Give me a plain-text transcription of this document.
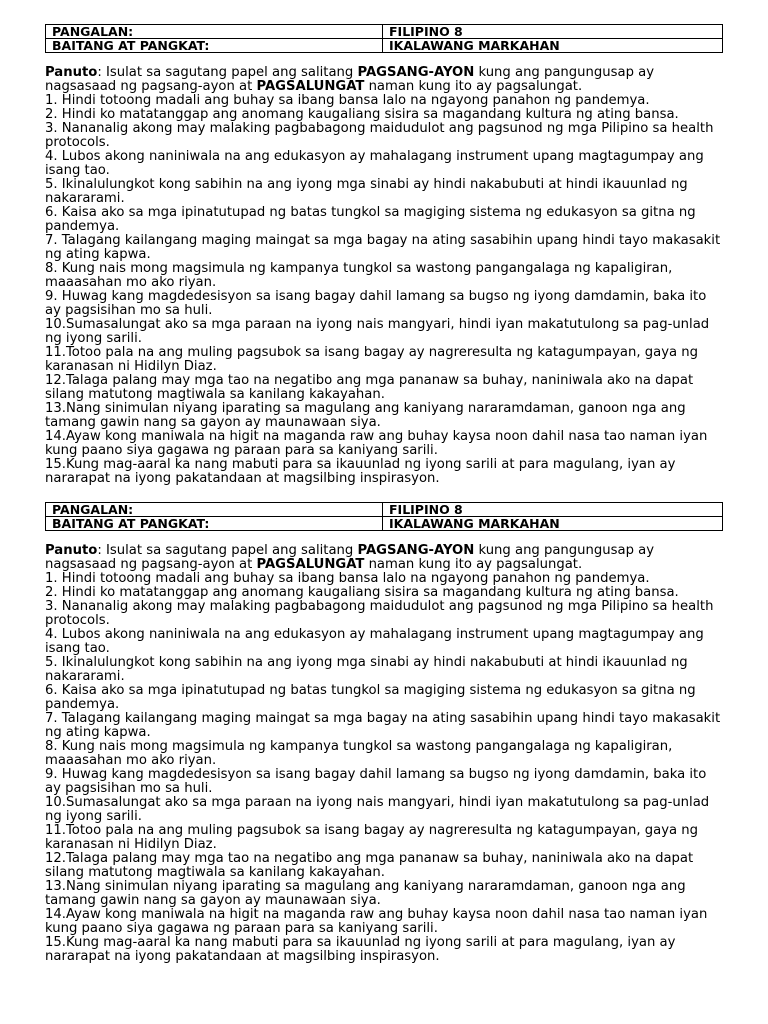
PANGALAN:	FILIPINO 8
BAITANG AT PANGKAT:	IKALAWANG MARKAHAN

Panuto: Isulat sa sagutang papel ang salitang PAGSANG-AYON kung ang pangungusap ay nagsasaad ng pagsang-ayon at PAGSALUNGAT naman kung ito ay pagsalungat.

1. Hindi totoong madali ang buhay sa ibang bansa lalo na ngayong panahon ng pandemya.

2. Hindi ko matatanggap ang anomang kaugaliang sisira sa magandang kultura ng ating bansa.

3. Nananalig akong may malaking pagbabagong maidudulot ang pagsunod ng mga Pilipino sa health protocols.

4. Lubos akong naniniwala na ang edukasyon ay mahalagang instrument upang magtagumpay ang isang tao.

5. Ikinalulungkot kong sabihin na ang iyong mga sinabi ay hindi nakabubuti at hindi ikauunlad ng nakararami.

6. Kaisa ako sa mga ipinatutupad ng batas tungkol sa magiging sistema ng edukasyon sa gitna ng pandemya.

7. Talagang kailangang maging maingat sa mga bagay na ating sasabihin upang hindi tayo makasakit ng ating kapwa.

8. Kung nais mong magsimula ng kampanya tungkol sa wastong pangangalaga ng kapaligiran, maaasahan mo ako riyan.

9. Huwag kang magdedesisyon sa isang bagay dahil lamang sa bugso ng iyong damdamin, baka ito ay pagsisihan mo sa huli.

10.Sumasalungat ako sa mga paraan na iyong nais mangyari, hindi iyan makatutulong sa pag-unlad ng iyong sarili.

11.Totoo pala na ang muling pagsubok sa isang bagay ay nagreresulta ng katagumpayan, gaya ng karanasan ni Hidilyn Diaz.

12.Talaga palang may mga tao na negatibo ang mga pananaw sa buhay, naniniwala ako na dapat silang matutong magtiwala sa kanilang kakayahan.

13.Nang sinimulan niyang iparating sa magulang ang kaniyang nararamdaman, ganoon nga ang tamang gawin nang sa gayon ay maunawaan siya.

14.Ayaw kong maniwala na higit na maganda raw ang buhay kaysa noon dahil nasa tao naman iyan kung paano siya gagawa ng paraan para sa kaniyang sarili.

15.Kung mag-aaral ka nang mabuti para sa ikauunlad ng iyong sarili at para magulang, iyan ay nararapat na iyong pakatandaan at magsilbing inspirasyon.

PANGALAN:	FILIPINO 8
BAITANG AT PANGKAT:	IKALAWANG MARKAHAN

Panuto: Isulat sa sagutang papel ang salitang PAGSANG-AYON kung ang pangungusap ay nagsasaad ng pagsang-ayon at PAGSALUNGAT naman kung ito ay pagsalungat.

1. Hindi totoong madali ang buhay sa ibang bansa lalo na ngayong panahon ng pandemya.

2. Hindi ko matatanggap ang anomang kaugaliang sisira sa magandang kultura ng ating bansa.

3. Nananalig akong may malaking pagbabagong maidudulot ang pagsunod ng mga Pilipino sa health protocols.

4. Lubos akong naniniwala na ang edukasyon ay mahalagang instrument upang magtagumpay ang isang tao.

5. Ikinalulungkot kong sabihin na ang iyong mga sinabi ay hindi nakabubuti at hindi ikauunlad ng nakararami.

6. Kaisa ako sa mga ipinatutupad ng batas tungkol sa magiging sistema ng edukasyon sa gitna ng pandemya.

7. Talagang kailangang maging maingat sa mga bagay na ating sasabihin upang hindi tayo makasakit ng ating kapwa.

8. Kung nais mong magsimula ng kampanya tungkol sa wastong pangangalaga ng kapaligiran, maaasahan mo ako riyan.

9. Huwag kang magdedesisyon sa isang bagay dahil lamang sa bugso ng iyong damdamin, baka ito ay pagsisihan mo sa huli.

10.Sumasalungat ako sa mga paraan na iyong nais mangyari, hindi iyan makatutulong sa pag-unlad ng iyong sarili.

11.Totoo pala na ang muling pagsubok sa isang bagay ay nagreresulta ng katagumpayan, gaya ng karanasan ni Hidilyn Diaz.

12.Talaga palang may mga tao na negatibo ang mga pananaw sa buhay, naniniwala ako na dapat silang matutong magtiwala sa kanilang kakayahan.

13.Nang sinimulan niyang iparating sa magulang ang kaniyang nararamdaman, ganoon nga ang tamang gawin nang sa gayon ay maunawaan siya.

14.Ayaw kong maniwala na higit na maganda raw ang buhay kaysa noon dahil nasa tao naman iyan kung paano siya gagawa ng paraan para sa kaniyang sarili.

15.Kung mag-aaral ka nang mabuti para sa ikauunlad ng iyong sarili at para magulang, iyan ay nararapat na iyong pakatandaan at magsilbing inspirasyon.
